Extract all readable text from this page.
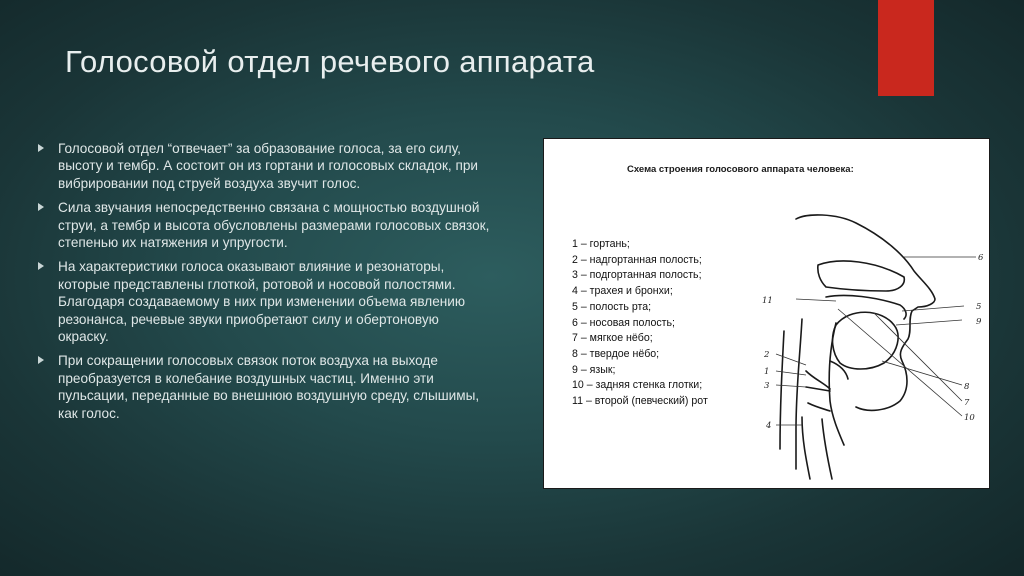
Голосовой отдел речевого аппарата
Голосовой отдел “отвечает” за образование голоса, за его силу, высоту и тембр. А состоит он из гортани и голосовых складок, при вибрировании под струей воздуха звучит голос.
Сила звучания непосредственно связана с мощностью воздушной струи, а тембр и высота обусловлены размерами голосовых связок, степенью их натяжения и упругости.
На характеристики голоса оказывают влияние и резонаторы, которые представлены глоткой, ротовой и носовой полостями. Благодаря создаваемому в них при изменении объема явлению резонанса, речевые звуки приобретают силу и обертоновую окраску.
При сокращении голосовых связок поток воздуха на выходе преобразуется в колебание воздушных частиц. Именно эти пульсации, переданные во внешнюю воздушную среду, слышимы, как голос.
Схема строения голосового аппарата человека:
6
5
9
11
2
1
3	8
7
10
4
1 – гортань;
2 – надгортанная полость;
3 – подгортанная полость;
4 – трахея и бронхи;
5 – полость рта;
6 – носовая полость;
7 – мягкое нёбо;
8 – твердое нёбо;
9 – язык;
10 – задняя стенка глотки;
11 – второй (певческий) рот
